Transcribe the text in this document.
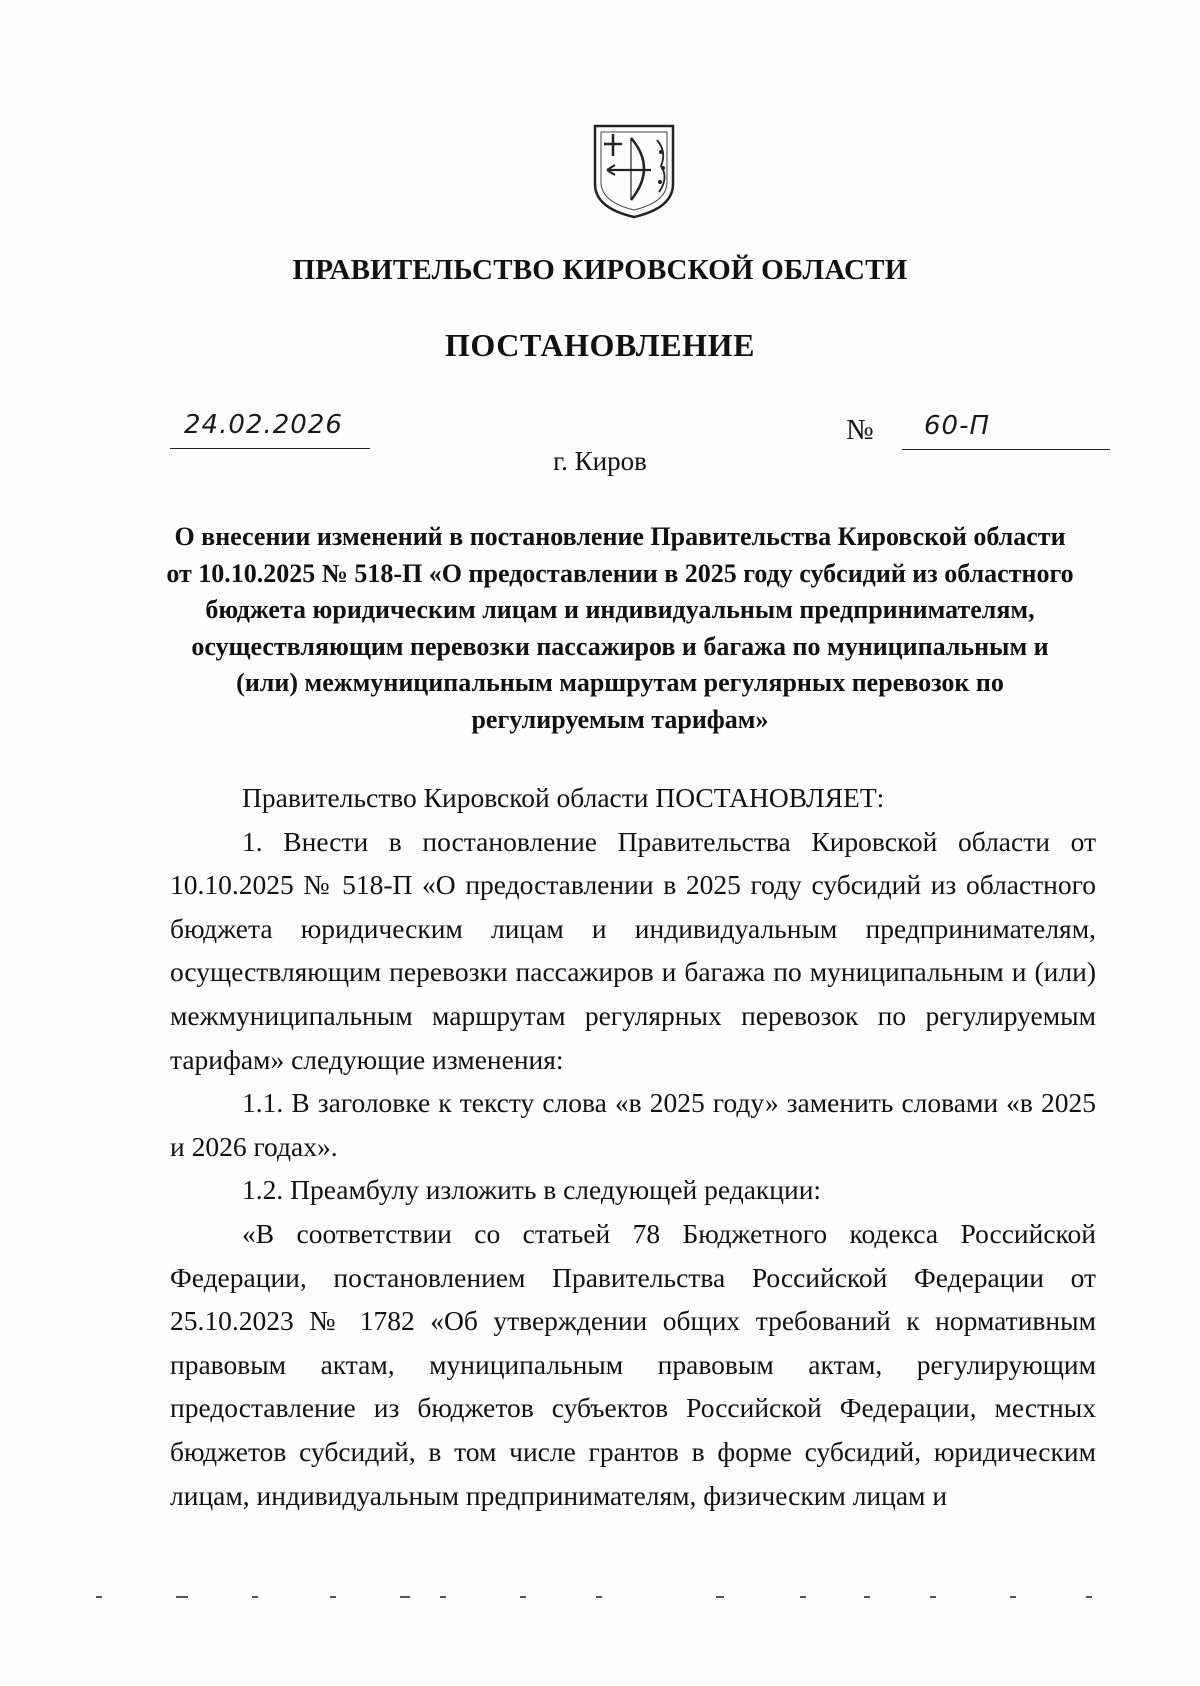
ПРАВИТЕЛЬСТВО КИРОВСКОЙ ОБЛАСТИ
ПОСТАНОВЛЕНИЕ
24.02.2026	№ 60-П
г. Киров
О внесении изменений в постановление Правительства Кировской области от 10.10.2025 № 518-П «О предоставлении в 2025 году субсидий из областного бюджета юридическим лицам и индивидуальным предпринимателям, осуществляющим перевозки пассажиров и багажа по муниципальным и (или) межмуниципальным маршрутам регулярных перевозок по регулируемым тарифам»

Правительство Кировской области ПОСТАНОВЛЯЕТ:

1. Внести в постановление Правительства Кировской области от 10.10.2025 № 518-П «О предоставлении в 2025 году субсидий из областного бюджета юридическим лицам и индивидуальным предпринимателям, осуществляющим перевозки пассажиров и багажа по муниципальным и (или) межмуниципальным маршрутам регулярных перевозок по регулируемым тарифам» следующие изменения:

1.1. В заголовке к тексту слова «в 2025 году» заменить словами «в 2025 и 2026 годах».

1.2. Преамбулу изложить в следующей редакции:

«В соответствии со статьей 78 Бюджетного кодекса Российской Федерации, постановлением Правительства Российской Федерации от 25.10.2023 № 1782 «Об утверждении общих требований к нормативным правовым актам, муниципальным правовым актам, регулирующим предоставление из бюджетов субъектов Российской Федерации, местных бюджетов субсидий, в том числе грантов в форме субсидий, юридическим лицам, индивидуальным предпринимателям, физическим лицам и
